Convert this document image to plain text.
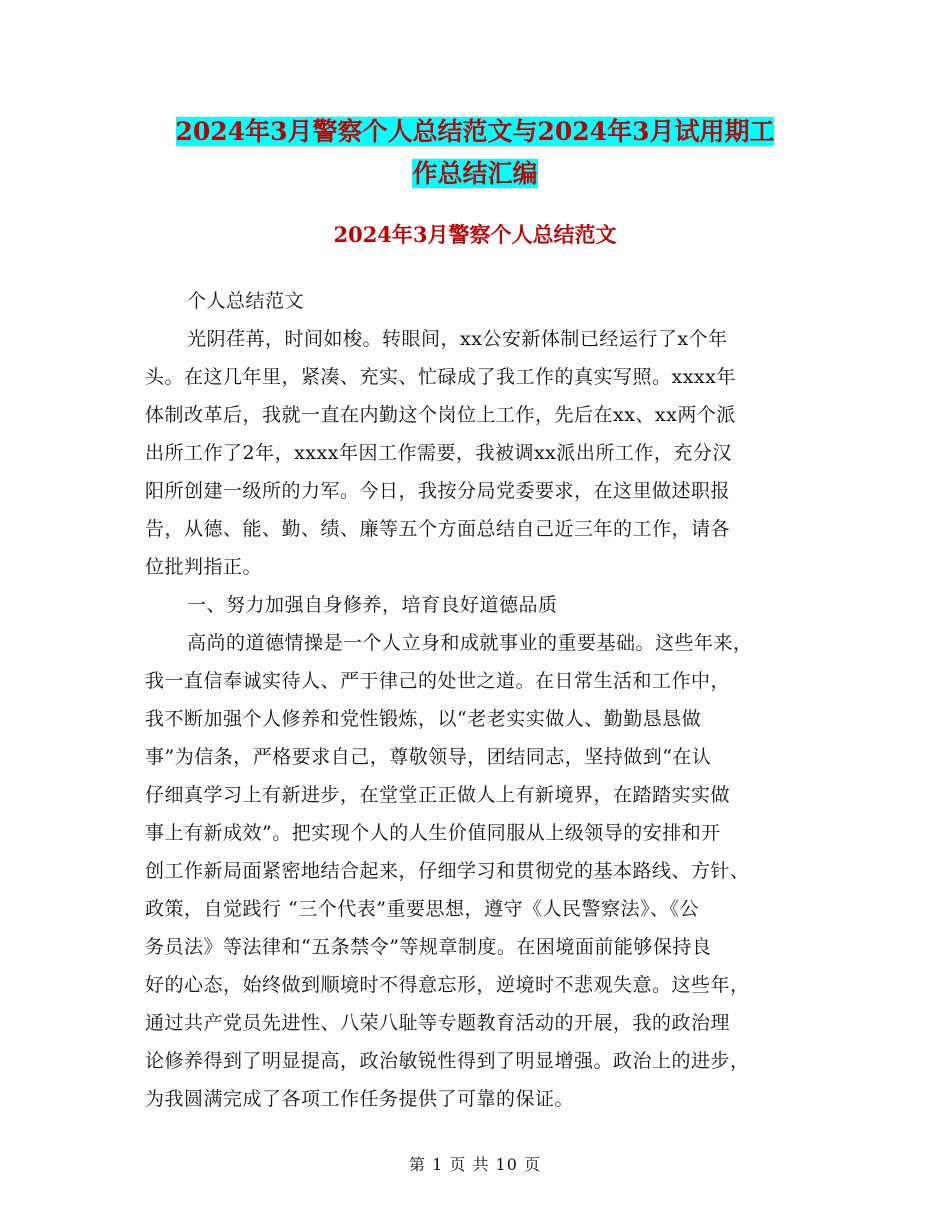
2024年3月警察个人总结范文与2024年3月试用期工
作总结汇编
2024年3月警察个人总结范文
个人总结范文
光阴荏苒，时间如梭。转眼间，xx公安新体制已经运行了x个年
头。在这几年里，紧凑、充实、忙碌成了我工作的真实写照。xxxx年
体制改革后，我就一直在内勤这个岗位上工作，先后在xx、xx两个派
出所工作了2年，xxxx年因工作需要，我被调xx派出所工作，充分汉
阳所创建一级所的力军。今日，我按分局党委要求，在这里做述职报
告，从德、能、勤、绩、廉等五个方面总结自己近三年的工作，请各
位批判指正。
一、努力加强自身修养，培育良好道德品质
高尚的道德情操是一个人立身和成就事业的重要基础。这些年来，
我一直信奉诚实待人、严于律己的处世之道。在日常生活和工作中，
我不断加强个人修养和党性锻炼，以“老老实实做人、勤勤恳恳做
事”为信条，严格要求自己，尊敬领导，团结同志，坚持做到“在认
仔细真学习上有新进步，在堂堂正正做人上有新境界，在踏踏实实做
事上有新成效”。把实现个人的人生价值同服从上级领导的安排和开
创工作新局面紧密地结合起来，仔细学习和贯彻党的基本路线、方针、
政策，自觉践行 “三个代表”重要思想，遵守《人民警察法》、《公
务员法》等法律和“五条禁令”等规章制度。在困境面前能够保持良
好的心态，始终做到顺境时不得意忘形，逆境时不悲观失意。这些年，
通过共产党员先进性、八荣八耻等专题教育活动的开展，我的政治理
论修养得到了明显提高，政治敏锐性得到了明显增强。政治上的进步，
为我圆满完成了各项工作任务提供了可靠的保证。
第 1 页 共 10 页
